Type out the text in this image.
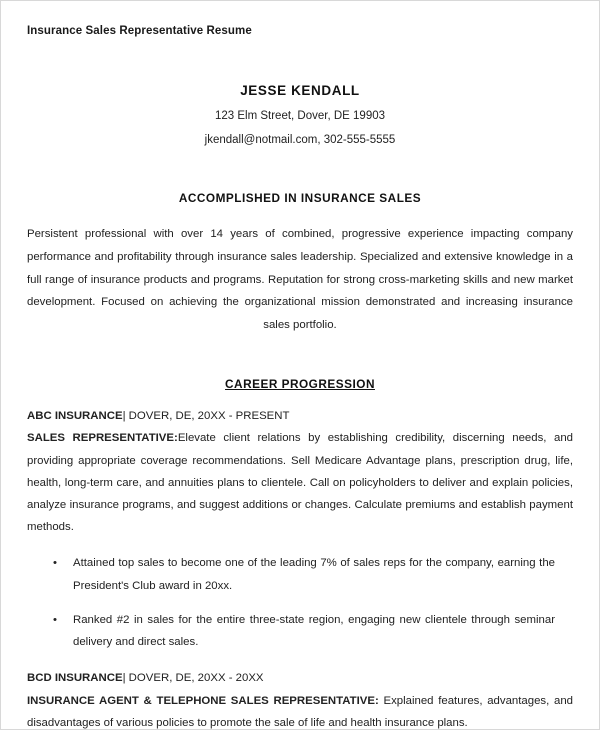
Insurance Sales Representative Resume
JESSE KENDALL
123 Elm Street, Dover, DE 19903
jkendall@notmail.com, 302-555-5555
ACCOMPLISHED IN INSURANCE SALES
Persistent professional with over 14 years of combined, progressive experience impacting company performance and profitability through insurance sales leadership. Specialized and extensive knowledge in a full range of insurance products and programs. Reputation for strong cross-marketing skills and new market development. Focused on achieving the organizational mission demonstrated and increasing insurance sales portfolio.
CAREER PROGRESSION
ABC INSURANCE| DOVER, DE, 20XX - PRESENT

SALES REPRESENTATIVE:Elevate client relations by establishing credibility, discerning needs, and providing appropriate coverage recommendations. Sell Medicare Advantage plans, prescription drug, life, health, long-term care, and annuities plans to clientele. Call on policyholders to deliver and explain policies, analyze insurance programs, and suggest additions or changes. Calculate premiums and establish payment methods.

• Attained top sales to become one of the leading 7% of sales reps for the company, earning the President's Club award in 20xx.
• Ranked #2 in sales for the entire three-state region, engaging new clientele through seminar delivery and direct sales.
BCD INSURANCE| DOVER, DE, 20XX - 20XX

INSURANCE AGENT & TELEPHONE SALES REPRESENTATIVE: Explained features, advantages, and disadvantages of various policies to promote the sale of life and health insurance plans.
